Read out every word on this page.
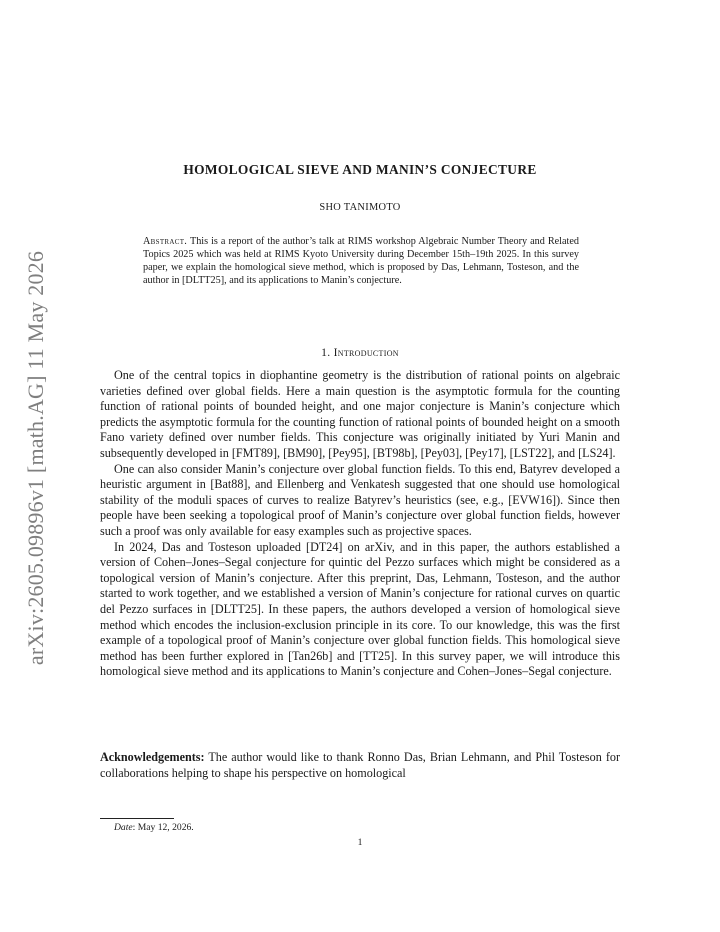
arXiv:2605.09896v1 [math.AG] 11 May 2026
HOMOLOGICAL SIEVE AND MANIN’S CONJECTURE
SHO TANIMOTO
Abstract. This is a report of the author’s talk at RIMS workshop Algebraic Number Theory and Related Topics 2025 which was held at RIMS Kyoto University during December 15th–19th 2025. In this survey paper, we explain the homological sieve method, which is proposed by Das, Lehmann, Tosteson, and the author in [DLTT25], and its applications to Manin’s conjecture.
1. Introduction

One of the central topics in diophantine geometry is the distribution of rational points on algebraic varieties defined over global fields. Here a main question is the asymptotic formula for the counting function of rational points of bounded height, and one major conjecture is Manin’s conjecture which predicts the asymptotic formula for the counting function of rational points of bounded height on a smooth Fano variety defined over number fields. This conjecture was originally initiated by Yuri Manin and subsequently developed in [FMT89], [BM90], [Pey95], [BT98b], [Pey03], [Pey17], [LST22], and [LS24].

One can also consider Manin’s conjecture over global function fields. To this end, Batyrev developed a heuristic argument in [Bat88], and Ellenberg and Venkatesh suggested that one should use homological stability of the moduli spaces of curves to realize Batyrev’s heuristics (see, e.g., [EVW16]). Since then people have been seeking a topological proof of Manin’s conjecture over global function fields, however such a proof was only available for easy examples such as projective spaces.

In 2024, Das and Tosteson uploaded [DT24] on arXiv, and in this paper, the authors established a version of Cohen–Jones–Segal conjecture for quintic del Pezzo surfaces which might be considered as a topological version of Manin’s conjecture. After this preprint, Das, Lehmann, Tosteson, and the author started to work together, and we established a version of Manin’s conjecture for rational curves on quartic del Pezzo surfaces in [DLTT25]. In these papers, the authors developed a version of homological sieve method which encodes the inclusion-exclusion principle in its core. To our knowledge, this was the first example of a topological proof of Manin’s conjecture over global function fields. This homological sieve method has been further explored in [Tan26b] and [TT25]. In this survey paper, we will introduce this homological sieve method and its applications to Manin’s conjecture and Cohen–Jones–Segal conjecture.

Acknowledgements: The author would like to thank Ronno Das, Brian Lehmann, and Phil Tosteson for collaborations helping to shape his perspective on homological
Date: May 12, 2026.
1
